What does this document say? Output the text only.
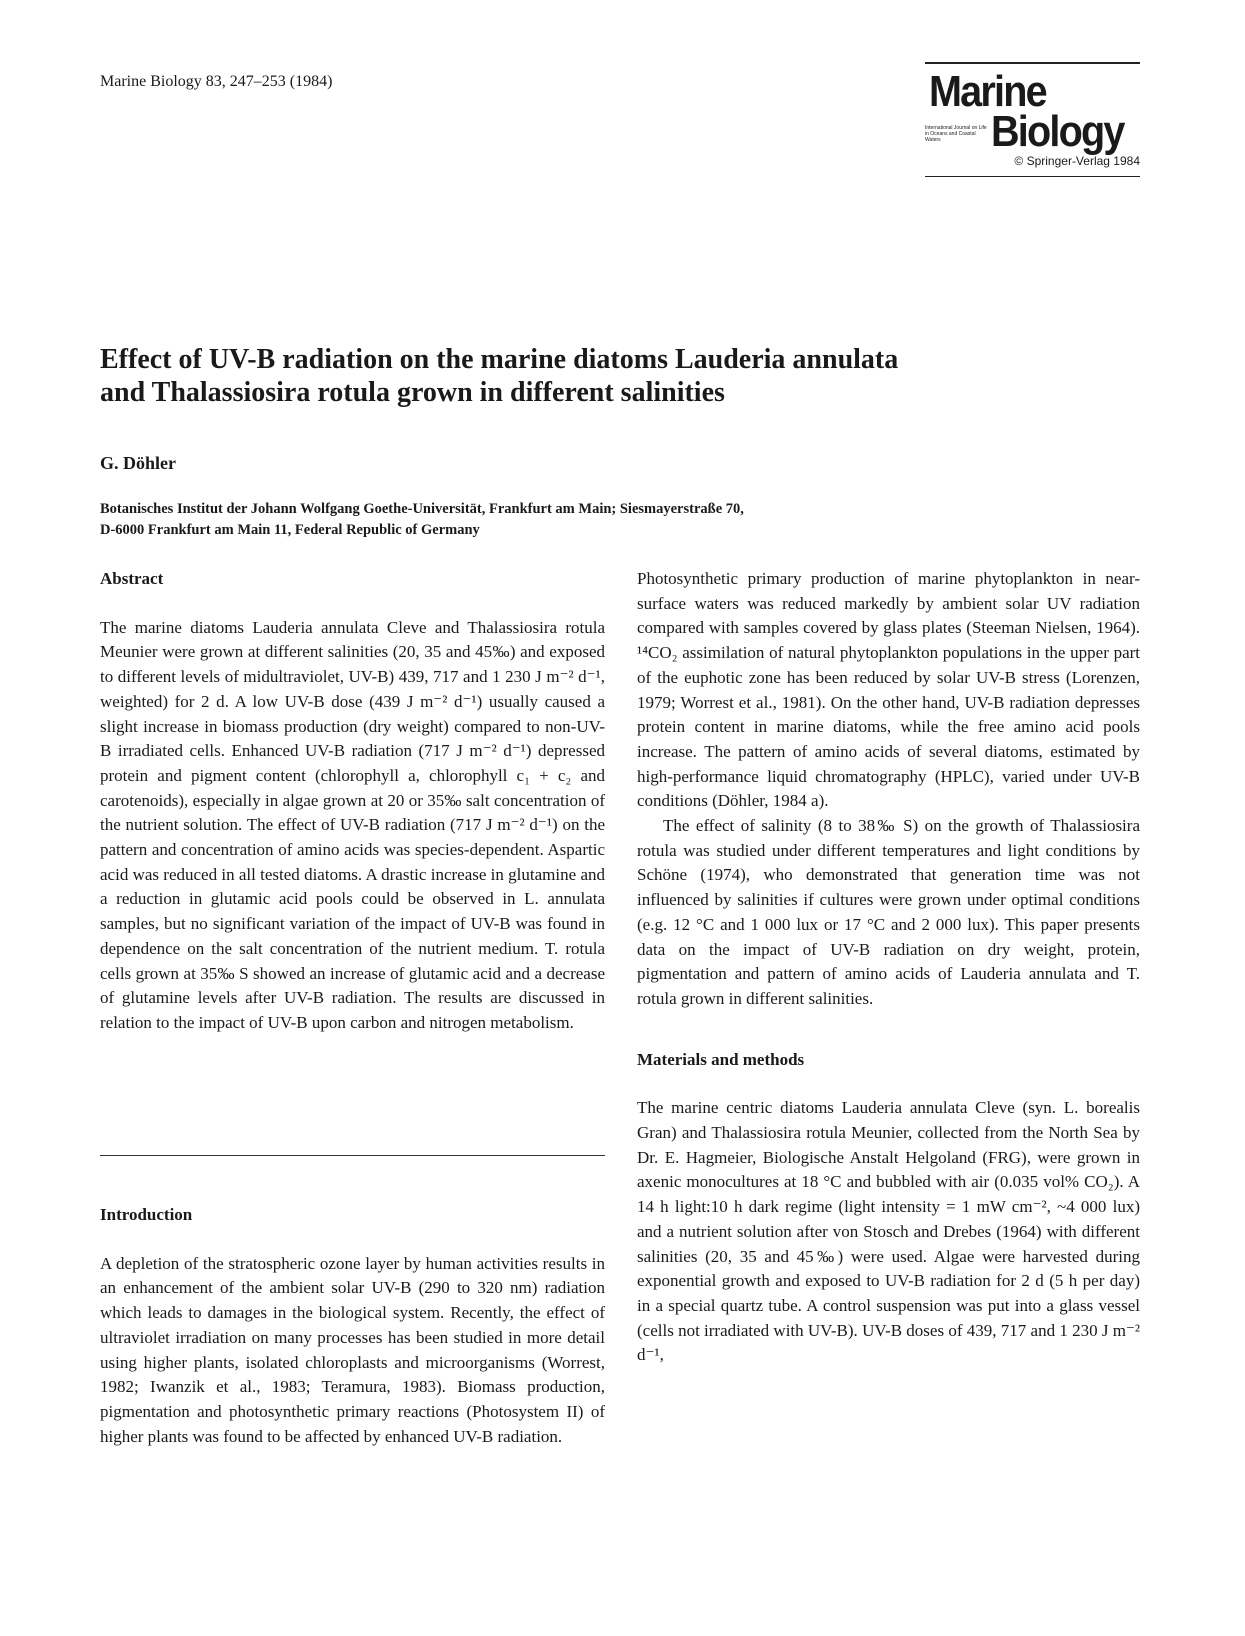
Marine Biology 83, 247–253 (1984)	Marine
International Journal on Life in Oceans and Coastal Waters	Biology
© Springer-Verlag 1984
Effect of UV-B radiation on the marine diatoms Lauderia annulata
and Thalassiosira rotula grown in different salinities
G. Döhler
Botanisches Institut der Johann Wolfgang Goethe-Universität, Frankfurt am Main; Siesmayerstraße 70,
D-6000 Frankfurt am Main 11, Federal Republic of Germany

Abstract

The marine diatoms Lauderia annulata Cleve and Thalassiosira rotula Meunier were grown at different salinities (20, 35 and 45‰) and exposed to different levels of midultraviolet, UV-B) 439, 717 and 1 230 J m⁻² d⁻¹, weighted) for 2 d. A low UV-B dose (439 J m⁻² d⁻¹) usually caused a slight increase in biomass production (dry weight) compared to non-UV-B irradiated cells. Enhanced UV-B radiation (717 J m⁻² d⁻¹) depressed protein and pigment content (chlorophyll a, chlorophyll c₁ + c₂ and carotenoids), especially in algae grown at 20 or 35‰ salt concentration of the nutrient solution. The effect of UV-B radiation (717 J m⁻² d⁻¹) on the pattern and concentration of amino acids was species-dependent. Aspartic acid was reduced in all tested diatoms. A drastic increase in glutamine and a reduction in glutamic acid pools could be observed in L. annulata samples, but no significant variation of the impact of UV-B was found in dependence on the salt concentration of the nutrient medium. T. rotula cells grown at 35‰ S showed an increase of glutamic acid and a decrease of glutamine levels after UV-B radiation. The results are discussed in relation to the impact of UV-B upon carbon and nitrogen metabolism.

Introduction

A depletion of the stratospheric ozone layer by human activities results in an enhancement of the ambient solar UV-B (290 to 320 nm) radiation which leads to damages in the biological system. Recently, the effect of ultraviolet irradiation on many processes has been studied in more detail using higher plants, isolated chloroplasts and microorganisms (Worrest, 1982; Iwanzik et al., 1983; Teramura, 1983). Biomass production, pigmentation and photosynthetic primary reactions (Photosystem II) of higher plants was found to be affected by enhanced UV-B radiation.

Photosynthetic primary production of marine phytoplankton in near-surface waters was reduced markedly by ambient solar UV radiation compared with samples covered by glass plates (Steeman Nielsen, 1964). ¹⁴CO₂ assimilation of natural phytoplankton populations in the upper part of the euphotic zone has been reduced by solar UV-B stress (Lorenzen, 1979; Worrest et al., 1981). On the other hand, UV-B radiation depresses protein content in marine diatoms, while the free amino acid pools increase. The pattern of amino acids of several diatoms, estimated by high-performance liquid chromatography (HPLC), varied under UV-B conditions (Döhler, 1984 a).

The effect of salinity (8 to 38‰ S) on the growth of Thalassiosira rotula was studied under different temperatures and light conditions by Schöne (1974), who demonstrated that generation time was not influenced by salinities if cultures were grown under optimal conditions (e.g. 12 °C and 1 000 lux or 17 °C and 2 000 lux). This paper presents data on the impact of UV-B radiation on dry weight, protein, pigmentation and pattern of amino acids of Lauderia annulata and T. rotula grown in different salinities.

Materials and methods

The marine centric diatoms Lauderia annulata Cleve (syn. L. borealis Gran) and Thalassiosira rotula Meunier, collected from the North Sea by Dr. E. Hagmeier, Biologische Anstalt Helgoland (FRG), were grown in axenic monocultures at 18 °C and bubbled with air (0.035 vol% CO₂). A 14 h light:10 h dark regime (light intensity = 1 mW cm⁻², ~4 000 lux) and a nutrient solution after von Stosch and Drebes (1964) with different salinities (20, 35 and 45‰) were used. Algae were harvested during exponential growth and exposed to UV-B radiation for 2 d (5 h per day) in a special quartz tube. A control suspension was put into a glass vessel (cells not irradiated with UV-B). UV-B doses of 439, 717 and 1 230 J m⁻² d⁻¹,
